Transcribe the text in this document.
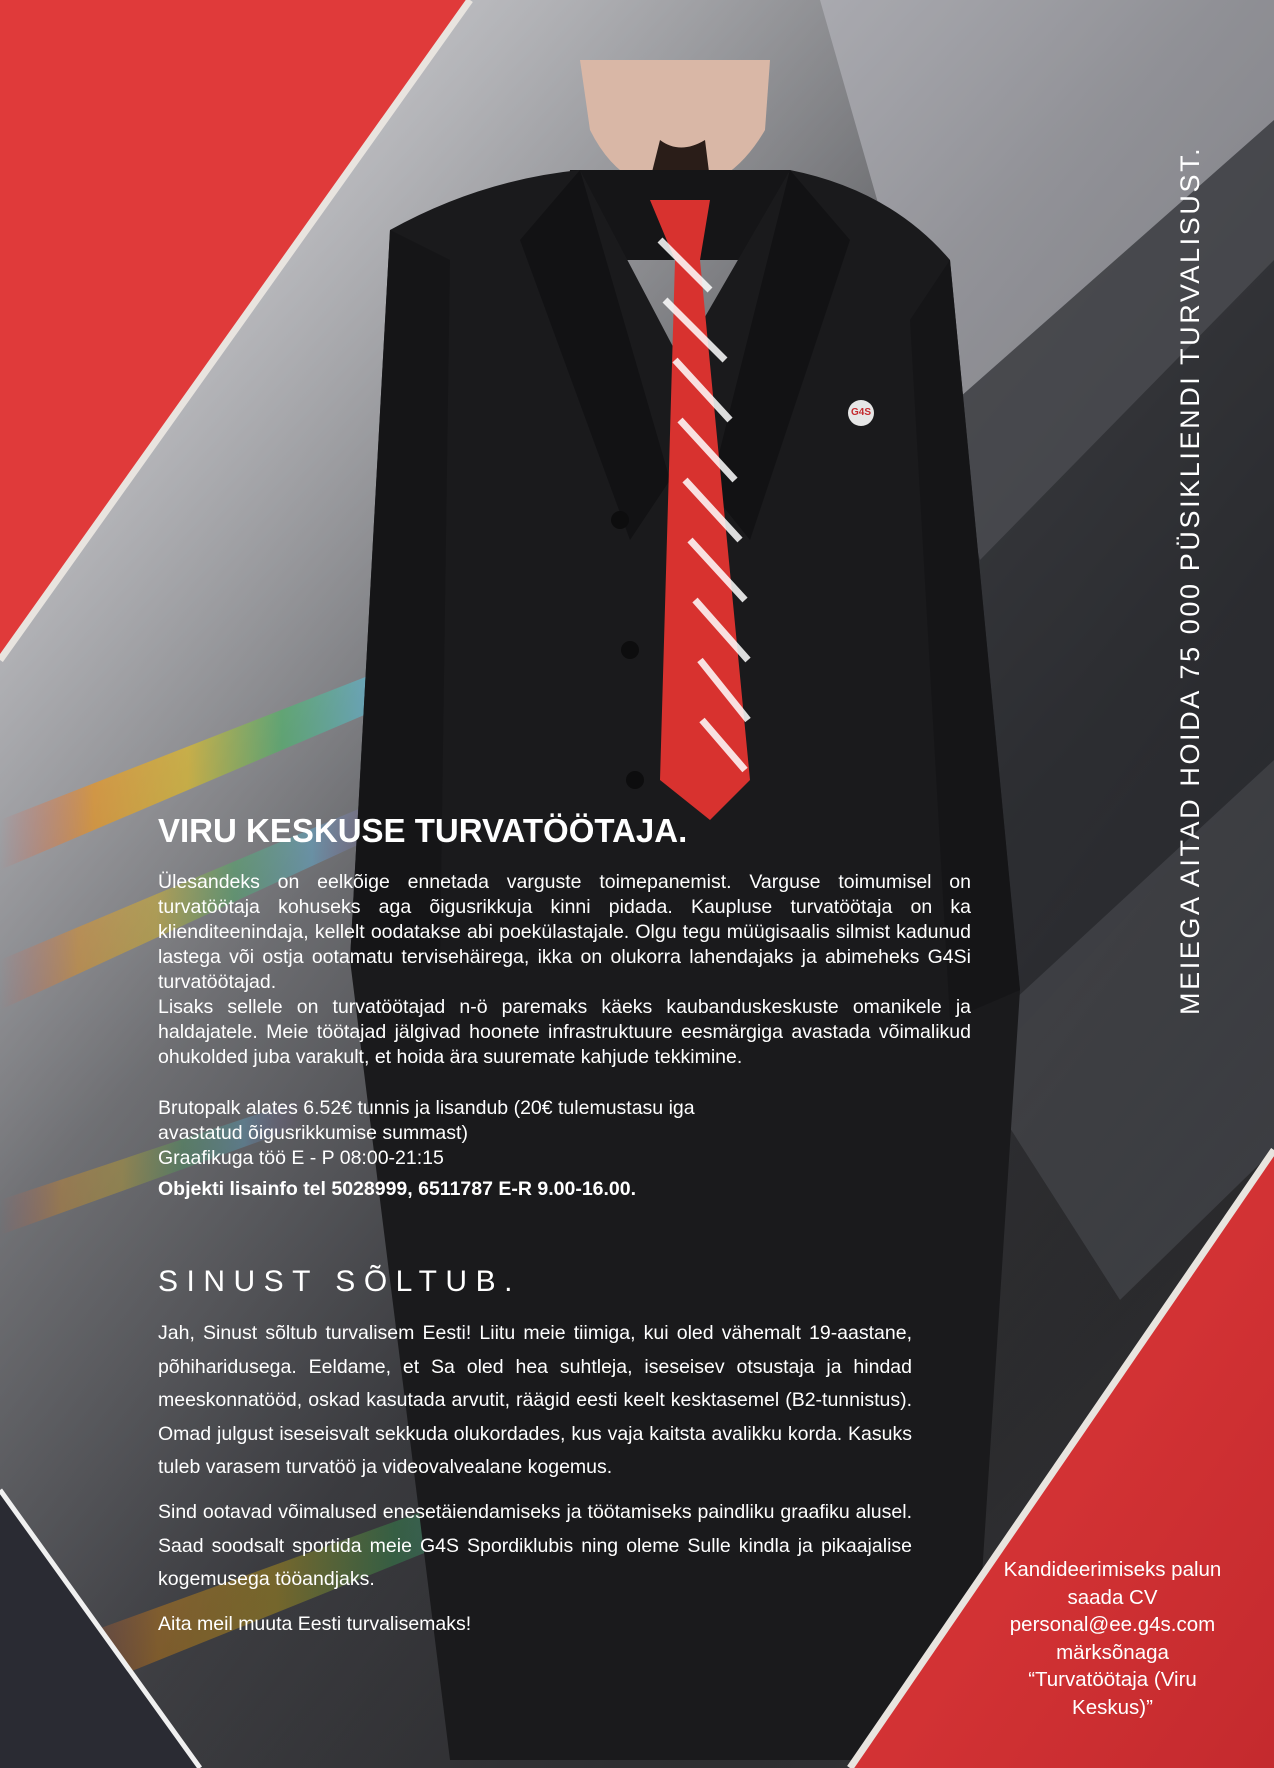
G4S
VIRU KESKUSE TURVATÖÖTAJA.

Ülesandeks on eelkõige ennetada varguste toimepanemist. Varguse toimumisel on turvatöötaja kohuseks aga õigusrikkuja kinni pidada. Kaupluse turvatöötaja on ka klienditeenindaja, kellelt oodatakse abi poekülastajale. Olgu tegu müügisaalis silmist kadunud lastega või ostja ootamatu tervisehäirega, ikka on olukorra lahendajaks ja abimeheks G4Si turvatöötajad.

Lisaks sellele on turvatöötajad n-ö paremaks käeks kaubanduskeskuste omanikele ja haldajatele. Meie töötajad jälgivad hoonete infrastruktuure eesmärgiga avastada võimalikud ohukolded juba varakult, et hoida ära suuremate kahjude tekkimine.

Brutopalk alates 6.52€ tunnis ja lisandub (20€ tulemustasu iga

avastatud õigusrikkumise summast)

Graafikuga töö E - P 08:00-21:15

Objekti lisainfo tel 5028999, 6511787 E-R 9.00-16.00.

SINUST SÕLTUB.

Jah, Sinust sõltub turvalisem Eesti! Liitu meie tiimiga, kui oled vähemalt 19-aastane, põhiharidusega. Eeldame, et Sa oled hea suhtleja, iseseisev otsustaja ja hindad meeskonnatööd, oskad kasutada arvutit, räägid eesti keelt kesktasemel (B2-tunnistus). Omad julgust iseseisvalt sekkuda olukordades, kus vaja kaitsta avalikku korda. Kasuks tuleb varasem turvatöö ja videovalvealane kogemus.

Sind ootavad võimalused enesetäiendamiseks ja töötamiseks paindliku graafiku alusel. Saad soodsalt sportida meie G4S Spordiklubis ning oleme Sulle kindla ja pikaajalise kogemusega tööandjaks.

Aita meil muuta Eesti turvalisemaks!

MEIEGA AITAD HOIDA 75 000 PÜSIKLIENDI TURVALISUST.

Kandideerimiseks palun
saada CV
personal@ee.g4s.com
märksõnaga
“Turvatöötaja (Viru
Keskus)”
